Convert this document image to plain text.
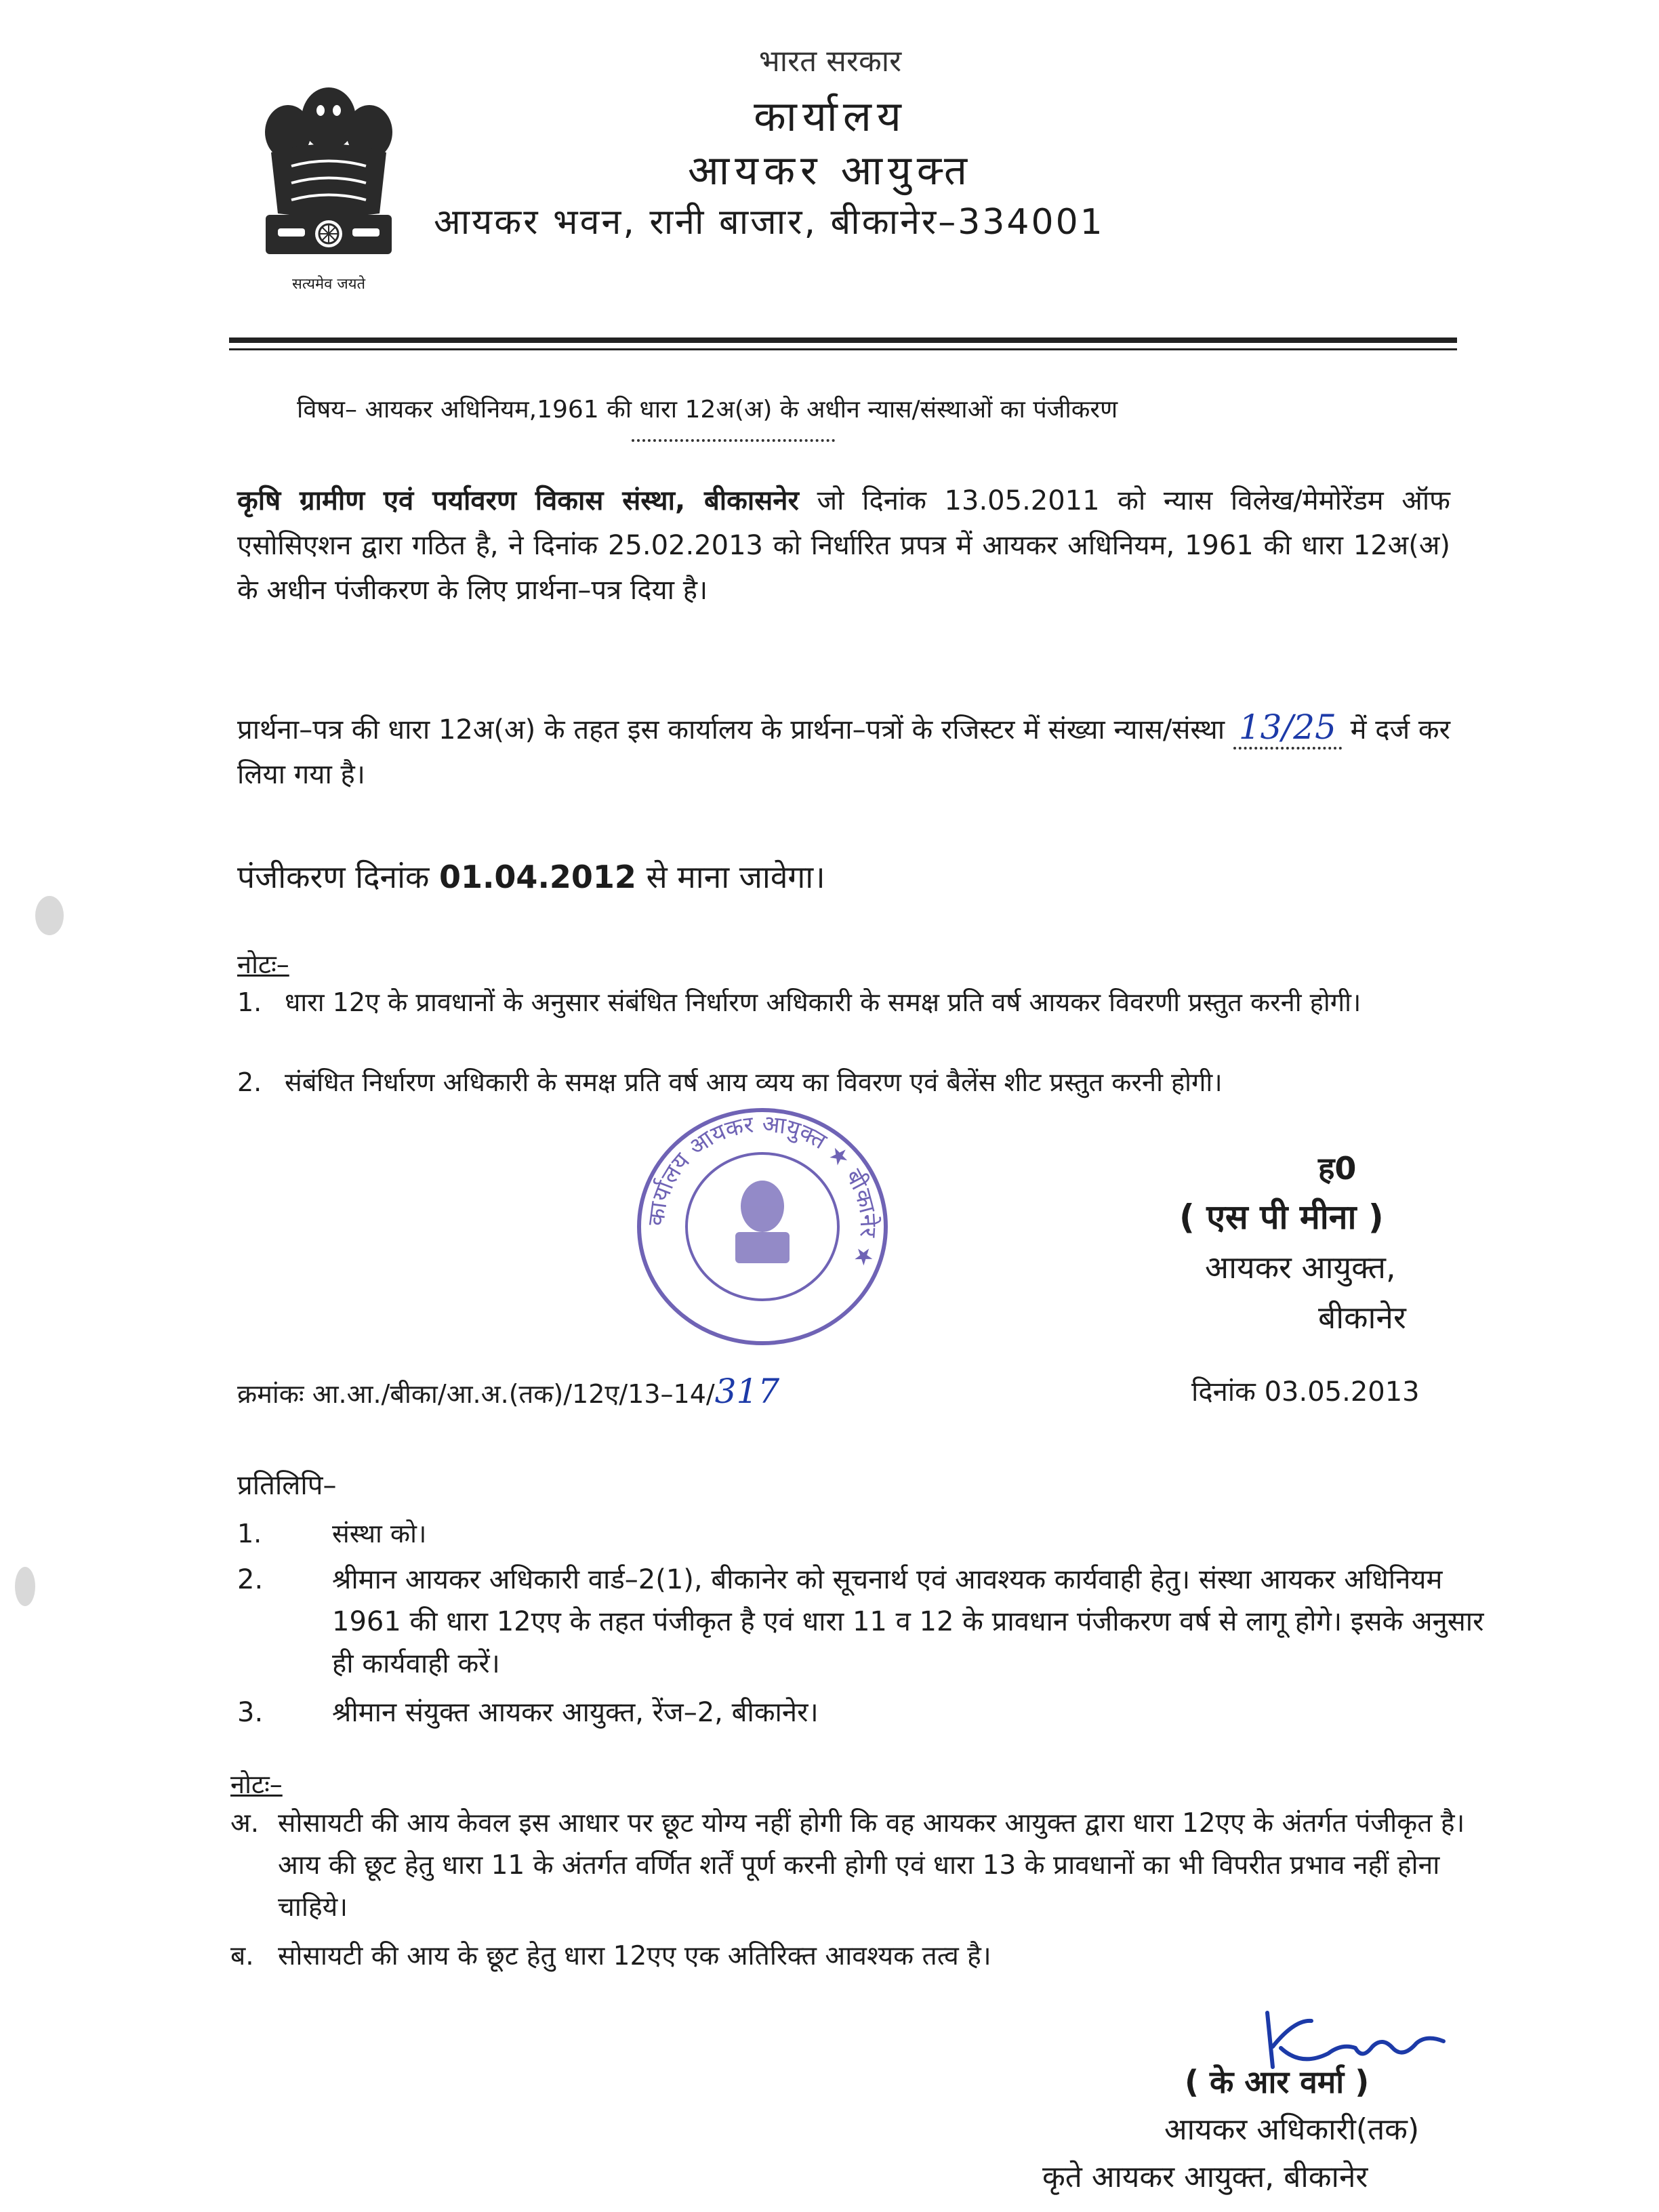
सत्यमेव जयते
भारत सरकार
कार्यालय
आयकर आयुक्त
आयकर भवन, रानी बाजार, बीकानेर–334001
विषय– आयकर अधिनियम,1961 की धारा 12अ(अ) के अधीन न्यास/संस्थाओं का पंजीकरण
कृषि ग्रामीण एवं पर्यावरण विकास संस्था, बीकासनेर जो दिनांक 13.05.2011 को न्यास विलेख/मेमोरेंडम ऑफ एसोसिएशन द्वारा गठित है, ने दिनांक 25.02.2013 को निर्धारित प्रपत्र में आयकर अधिनियम, 1961 की धारा 12अ(अ) के अधीन पंजीकरण के लिए प्रार्थना–पत्र दिया है।
प्रार्थना–पत्र की धारा 12अ(अ) के तहत इस कार्यालय के प्रार्थना–पत्रों के रजिस्टर में संख्या न्यास/संस्था 13/25 में दर्ज कर लिया गया है।
पंजीकरण दिनांक 01.04.2012 से माना जावेगा।
नोटः–
1. धारा 12ए के प्रावधानों के अनुसार संबंधित निर्धारण अधिकारी के समक्ष प्रति वर्ष आयकर विवरणी प्रस्तुत करनी होगी।
2. संबंधित निर्धारण अधिकारी के समक्ष प्रति वर्ष आय व्यय का विवरण एवं बैलेंस शीट प्रस्तुत करनी होगी।
कार्यालय आयकर आयुक्त ★ बीकानेर ★
ह0
( एस पी मीना )
आयकर आयुक्त,
बीकानेर
क्रमांकः आ.आ./बीका/आ.अ.(तक)/12ए/13–14/317	दिनांक 03.05.2013
प्रतिलिपि–
1.	संस्था को।
2.	श्रीमान आयकर अधिकारी वार्ड–2(1), बीकानेर को सूचनार्थ एवं आवश्यक कार्यवाही हेतु। संस्था आयकर अधिनियम 1961 की धारा 12एए के तहत पंजीकृत है एवं धारा 11 व 12 के प्रावधान पंजीकरण वर्ष से लागू होगे। इसके अनुसार ही कार्यवाही करें।
3.	श्रीमान संयुक्त आयकर आयुक्त, रेंज–2, बीकानेर।
नोटः–
अ. सोसायटी की आय केवल इस आधार पर छूट योग्य नहीं होगी कि वह आयकर आयुक्त द्वारा धारा 12एए के अंतर्गत पंजीकृत है। आय की छूट हेतु धारा 11 के अंतर्गत वर्णित शर्तें पूर्ण करनी होगी एवं धारा 13 के प्रावधानों का भी विपरीत प्रभाव नहीं होना चाहिये।
ब. सोसायटी की आय के छूट हेतु धारा 12एए एक अतिरिक्त आवश्यक तत्व है।
( के आर वर्मा )
आयकर अधिकारी(तक)
कृते आयकर आयुक्त, बीकानेर
